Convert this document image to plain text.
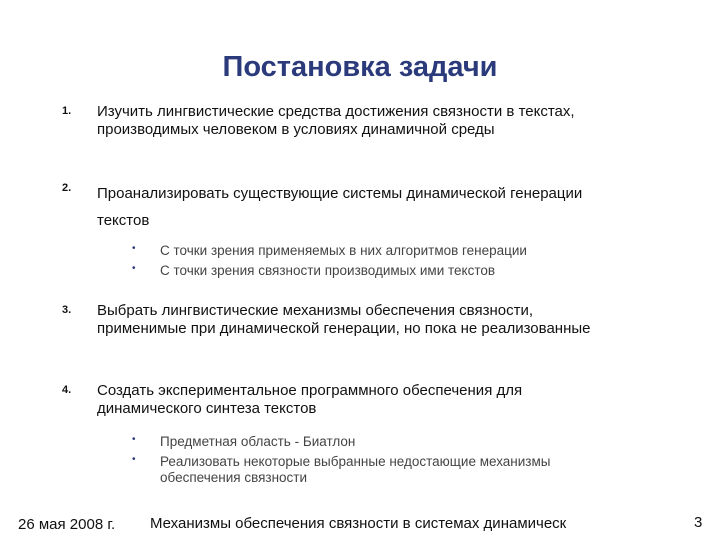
Постановка задачи
1. Изучить лингвистические средства достижения связности в текстах,
производимых человеком в условиях динамичной среды
2. Проанализировать существующие системы динамической генерации
текстов
• С точки зрения применяемых в них алгоритмов генерации
• С точки зрения связности производимых ими текстов
3. Выбрать лингвистические механизмы обеспечения связности,
применимые при динамической генерации, но пока не реализованные
4. Создать экспериментальное программного обеспечения для
динамического синтеза текстов
• Предметная область - Биатлон
• Реализовать некоторые выбранные недостающие механизмы
обеспечения связности
26 мая 2008 г. Механизмы обеспечения связности в системах динамическ	3
